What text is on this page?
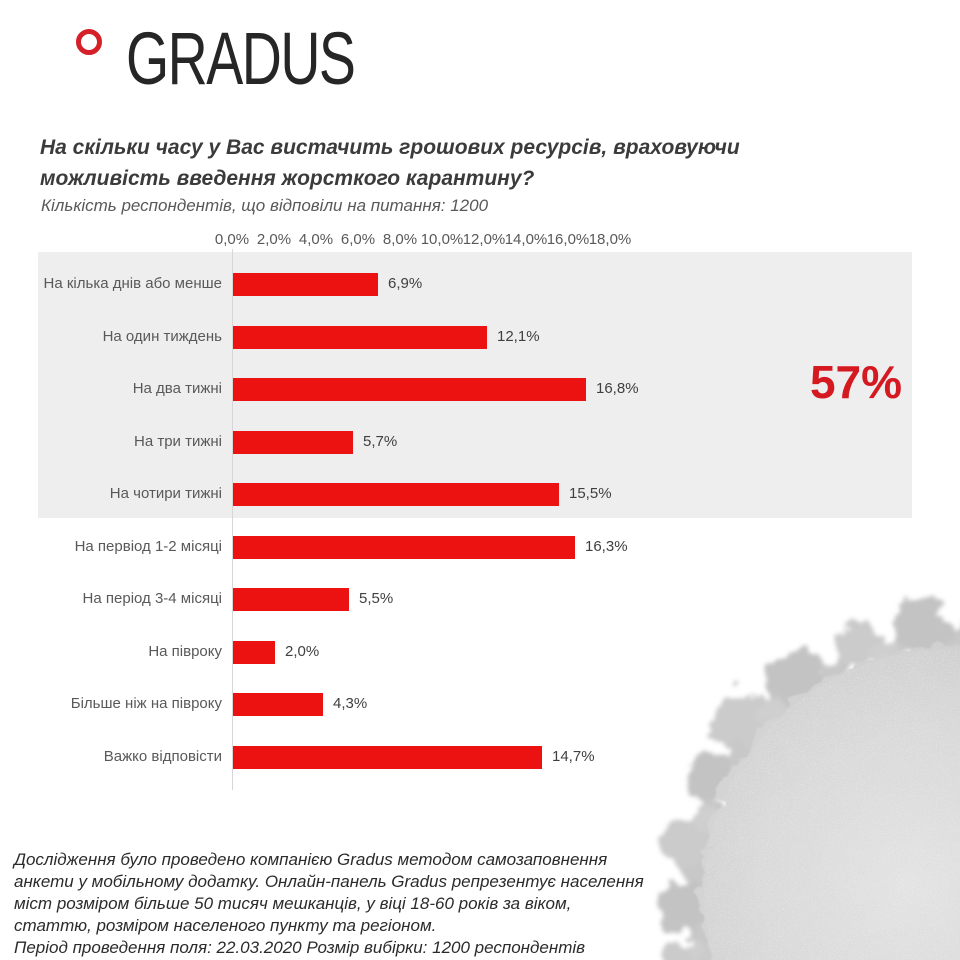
GRADUS
На скільки часу у Вас вистачить грошових ресурсів, враховуючи
можливість введення жорсткого карантину?
Кількість респондентів, що відповіли на питання: 1200
0,0% 2,0% 4,0% 6,0% 8,0% 10,0% 12,0% 14,0% 16,0% 18,0%
На кілька днів або менше	6,9%
На один тиждень	12,1%
На два тижні	16,8%
На три тижні	5,7%
На чотири тижні	15,5%
На первіод 1-2 місяці	16,3%
На період 3-4 місяці	5,5%
На півроку	2,0%
Більше ніж на півроку	4,3%
Важко відповісти	14,7%
57%
Дослідження було проведено компанією Gradus методом самозаповнення
анкети у мобільному додатку. Онлайн-панель Gradus репрезентує населення
міст розміром більше 50 тисяч мешканців, у віці 18-60 років за віком,
статтю, розміром населеного пункту та регіоном.
Період проведення поля: 22.03.2020 Розмір вибірки: 1200 респондентів
